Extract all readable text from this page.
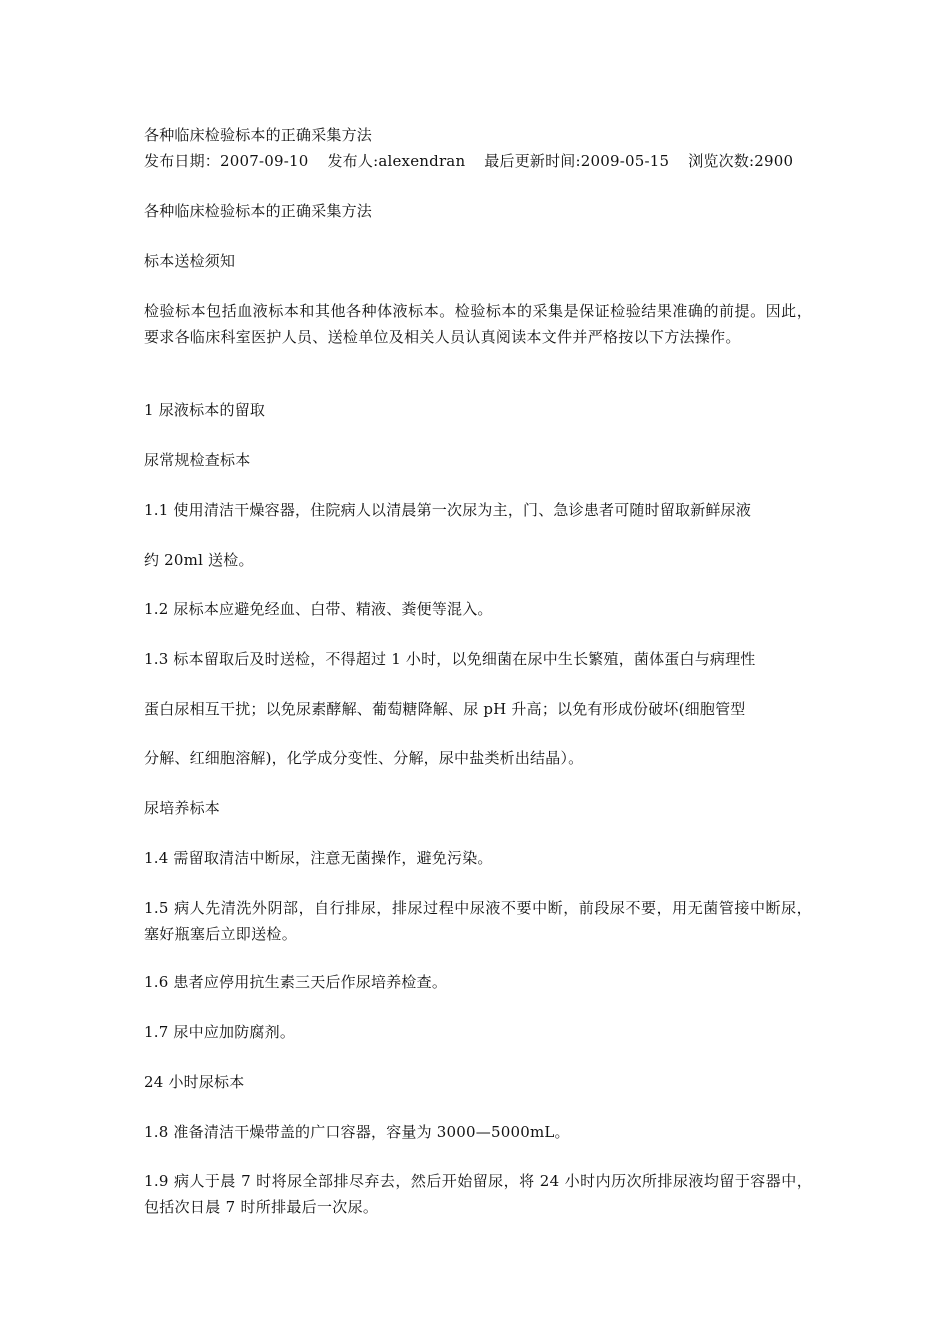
各种临床检验标本的正确采集方法
发布日期：2007-09-10 发布人:alexendran 最后更新时间:2009-05-15 浏览次数:2900
各种临床检验标本的正确采集方法
标本送检须知
检验标本包括血液标本和其他各种体液标本。检验标本的采集是保证检验结果准确的前提。因此，要求各临床科室医护人员、送检单位及相关人员认真阅读本文件并严格按以下方法操作。
1 尿液标本的留取
尿常规检查标本
1.1 使用清洁干燥容器，住院病人以清晨第一次尿为主，门、急诊患者可随时留取新鲜尿液
约 20ml 送检。
1.2 尿标本应避免经血、白带、精液、粪便等混入。
1.3 标本留取后及时送检，不得超过 1 小时，以免细菌在尿中生长繁殖，菌体蛋白与病理性
蛋白尿相互干扰；以免尿素酵解、葡萄糖降解、尿 pH 升高；以免有形成份破坏(细胞管型
分解、红细胞溶解)，化学成分变性、分解，尿中盐类析出结晶）。
尿培养标本
1.4 需留取清洁中断尿，注意无菌操作，避免污染。
1.5 病人先清洗外阴部，自行排尿，排尿过程中尿液不要中断，前段尿不要，用无菌管接中断尿，塞好瓶塞后立即送检。
1.6 患者应停用抗生素三天后作尿培养检查。
1.7 尿中应加防腐剂。
24 小时尿标本
1.8 准备清洁干燥带盖的广口容器，容量为 3000—5000mL。
1.9 病人于晨 7 时将尿全部排尽弃去，然后开始留尿，将 24 小时内历次所排尿液均留于容器中，包括次日晨 7 时所排最后一次尿。
